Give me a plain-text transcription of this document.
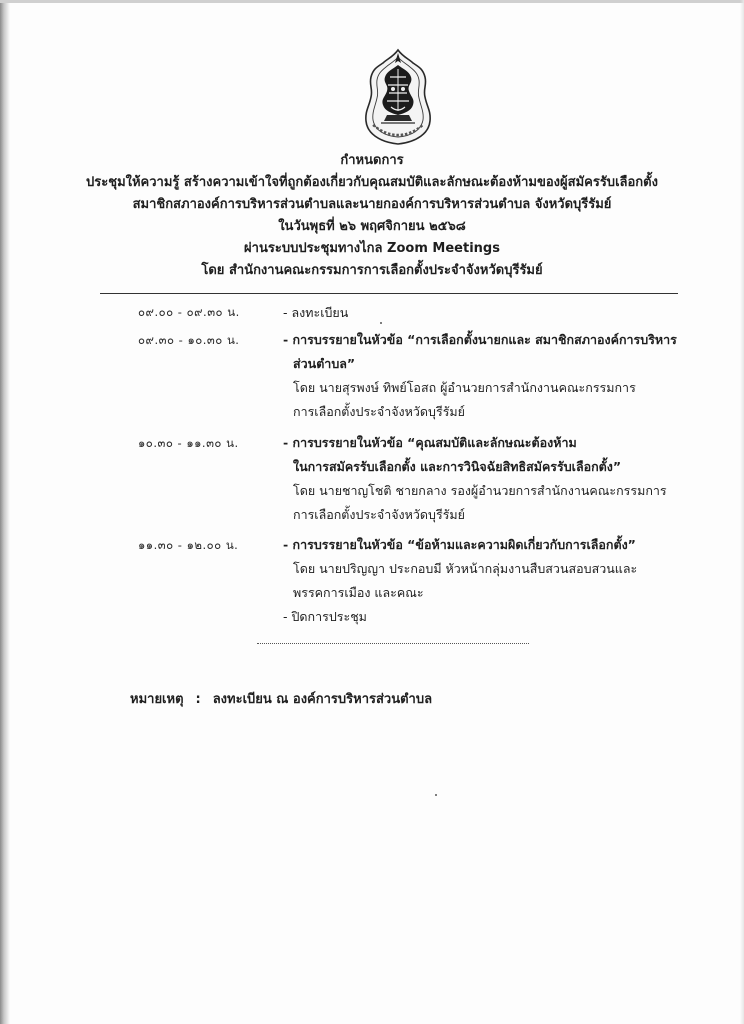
กำหนดการ
ประชุมให้ความรู้ สร้างความเข้าใจที่ถูกต้องเกี่ยวกับคุณสมบัติและลักษณะต้องห้ามของผู้สมัครรับเลือกตั้ง
สมาชิกสภาองค์การบริหารส่วนตำบลและนายกองค์การบริหารส่วนตำบล จังหวัดบุรีรัมย์
ในวันพุธที่ ๒๖ พฤศจิกายน ๒๕๖๘
ผ่านระบบประชุมทางไกล Zoom Meetings
โดย สำนักงานคณะกรรมการการเลือกตั้งประจำจังหวัดบุรีรัมย์
๐๙.๐๐ - ๐๙.๓๐ น.	- ลงทะเบียน
๐๙.๓๐ - ๑๐.๓๐ น.	- การบรรยายในหัวข้อ “การเลือกตั้งนายกและ สมาชิกสภาองค์การบริหาร
ส่วนตำบล”
โดย นายสุรพงษ์ ทิพย์โอสถ ผู้อำนวยการสำนักงานคณะกรรมการ
การเลือกตั้งประจำจังหวัดบุรีรัมย์
๑๐.๓๐ - ๑๑.๓๐ น.	- การบรรยายในหัวข้อ “คุณสมบัติและลักษณะต้องห้าม
ในการสมัครรับเลือกตั้ง และการวินิจฉัยสิทธิสมัครรับเลือกตั้ง”
โดย นายชาญโชติ ชายกลาง รองผู้อำนวยการสำนักงานคณะกรรมการ
การเลือกตั้งประจำจังหวัดบุรีรัมย์
๑๑.๓๐ - ๑๒.๐๐ น.	- การบรรยายในหัวข้อ “ข้อห้ามและความผิดเกี่ยวกับการเลือกตั้ง”
โดย นายปริญญา ประกอบมี หัวหน้ากลุ่มงานสืบสวนสอบสวนและ
พรรคการเมือง และคณะ
- ปิดการประชุม
หมายเหตุ : ลงทะเบียน ณ องค์การบริหารส่วนตำบล
